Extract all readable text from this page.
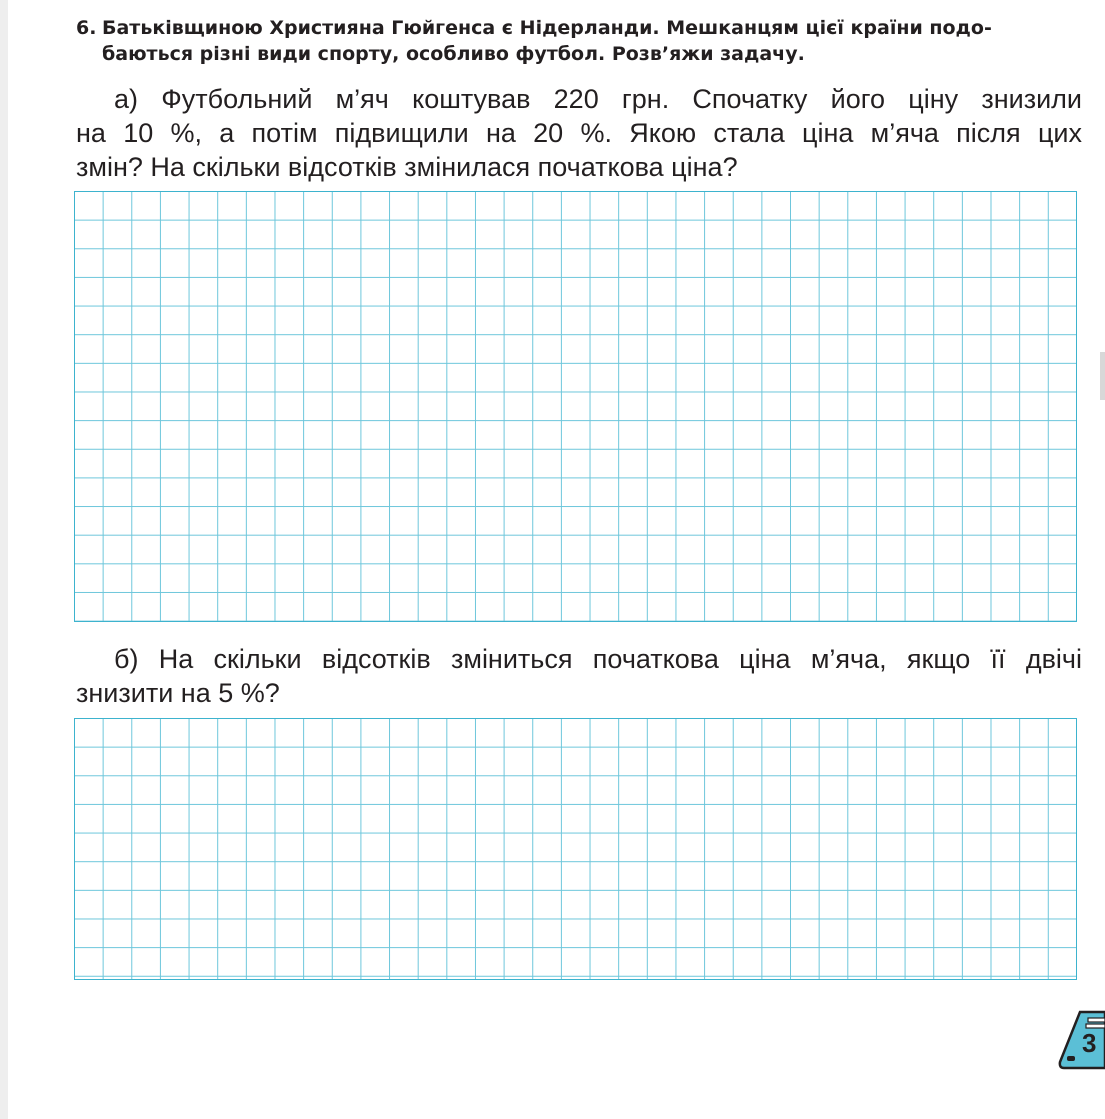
6. Батьківщиною Християна Гюйгенса є Нідерланди. Мешканцям цієї країни подо-
баються різні види спорту, особливо футбол. Розв’яжи задачу.
а) Футбольний м’яч коштував 220 грн. Спочатку його ціну знизили
на 10 %, а потім підвищили на 20 %. Якою стала ціна м’яча після цих
змін? На скільки відсотків змінилася початкова ціна?
б) На скільки відсотків зміниться початкова ціна м’яча, якщо її двічі
знизити на 5 %?
3
